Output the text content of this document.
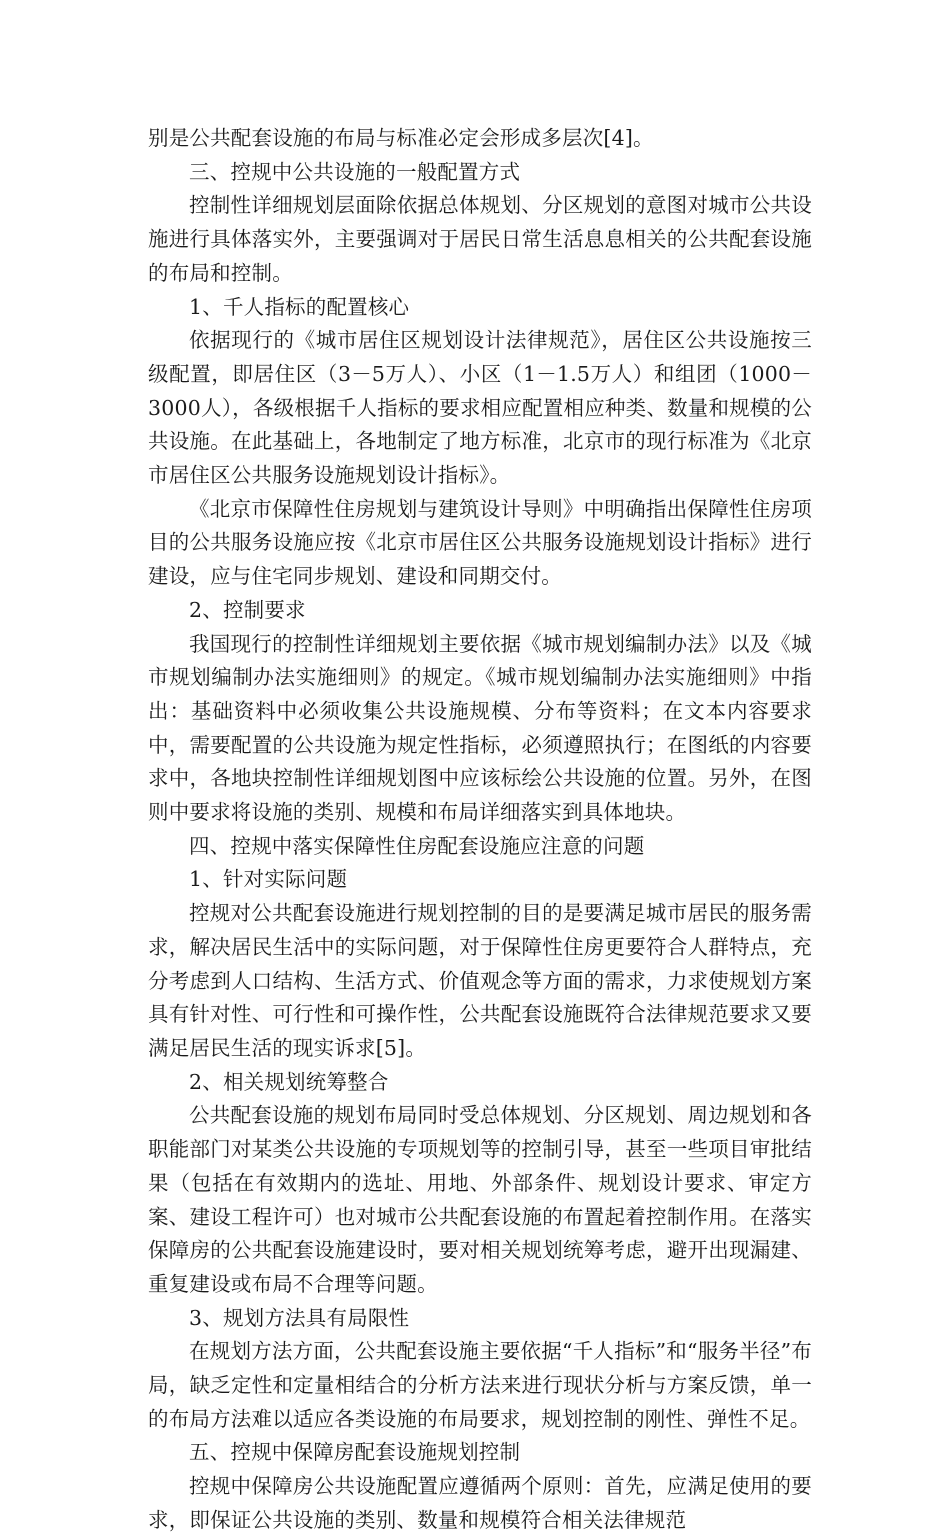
别是公共配套设施的布局与标准必定会形成多层次[4]。

三、控规中公共设施的一般配置方式

控制性详细规划层面除依据总体规划、分区规划的意图对城市公共设施进行具体落实外，主要强调对于居民日常生活息息相关的公共配套设施的布局和控制。

1、千人指标的配置核心

依据现行的《城市居住区规划设计法律规范》，居住区公共设施按三级配置，即居住区（3－5万人）、小区（1－1.5万人）和组团（1000－3000人），各级根据千人指标的要求相应配置相应种类、数量和规模的公共设施。在此基础上，各地制定了地方标准，北京市的现行标准为《北京市居住区公共服务设施规划设计指标》。

《北京市保障性住房规划与建筑设计导则》中明确指出保障性住房项目的公共服务设施应按《北京市居住区公共服务设施规划设计指标》进行建设，应与住宅同步规划、建设和同期交付。

2、控制要求

我国现行的控制性详细规划主要依据《城市规划编制办法》以及《城市规划编制办法实施细则》的规定。《城市规划编制办法实施细则》中指出：基础资料中必须收集公共设施规模、分布等资料；在文本内容要求中，需要配置的公共设施为规定性指标，必须遵照执行；在图纸的内容要求中，各地块控制性详细规划图中应该标绘公共设施的位置。另外，在图则中要求将设施的类别、规模和布局详细落实到具体地块。

四、控规中落实保障性住房配套设施应注意的问题

1、针对实际问题

控规对公共配套设施进行规划控制的目的是要满足城市居民的服务需求，解决居民生活中的实际问题，对于保障性住房更要符合人群特点，充分考虑到人口结构、生活方式、价值观念等方面的需求，力求使规划方案具有针对性、可行性和可操作性，公共配套设施既符合法律规范要求又要满足居民生活的现实诉求[5]。

2、相关规划统筹整合

公共配套设施的规划布局同时受总体规划、分区规划、周边规划和各职能部门对某类公共设施的专项规划等的控制引导，甚至一些项目审批结果（包括在有效期内的选址、用地、外部条件、规划设计要求、审定方案、建设工程许可）也对城市公共配套设施的布置起着控制作用。在落实保障房的公共配套设施建设时，要对相关规划统筹考虑，避开出现漏建、重复建设或布局不合理等问题。

3、规划方法具有局限性

在规划方法方面，公共配套设施主要依据“千人指标”和“服务半径”布局，缺乏定性和定量相结合的分析方法来进行现状分析与方案反馈，单一的布局方法难以适应各类设施的布局要求，规划控制的刚性、弹性不足。

五、控规中保障房配套设施规划控制

控规中保障房公共设施配置应遵循两个原则：首先，应满足使用的要求，即保证公共设施的类别、数量和规模符合相关法律规范
